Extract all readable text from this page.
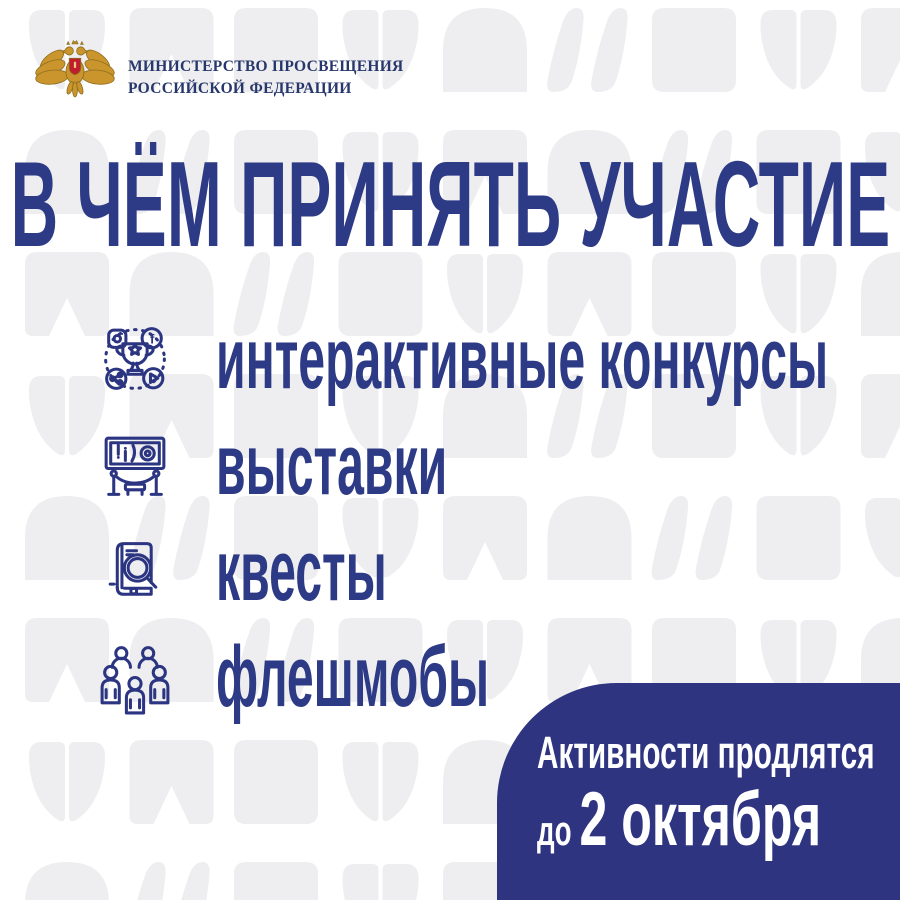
МИНИСТЕРСТВО ПРОСВЕЩЕНИЯ
РОССИЙСКОЙ ФЕДЕРАЦИИ
В ЧЁМ ПРИНЯТЬ УЧАСТИЕ
f интерактивные конкурсы
выставки
квесты
флешмобы
Активности продлятся
до 2 октября
